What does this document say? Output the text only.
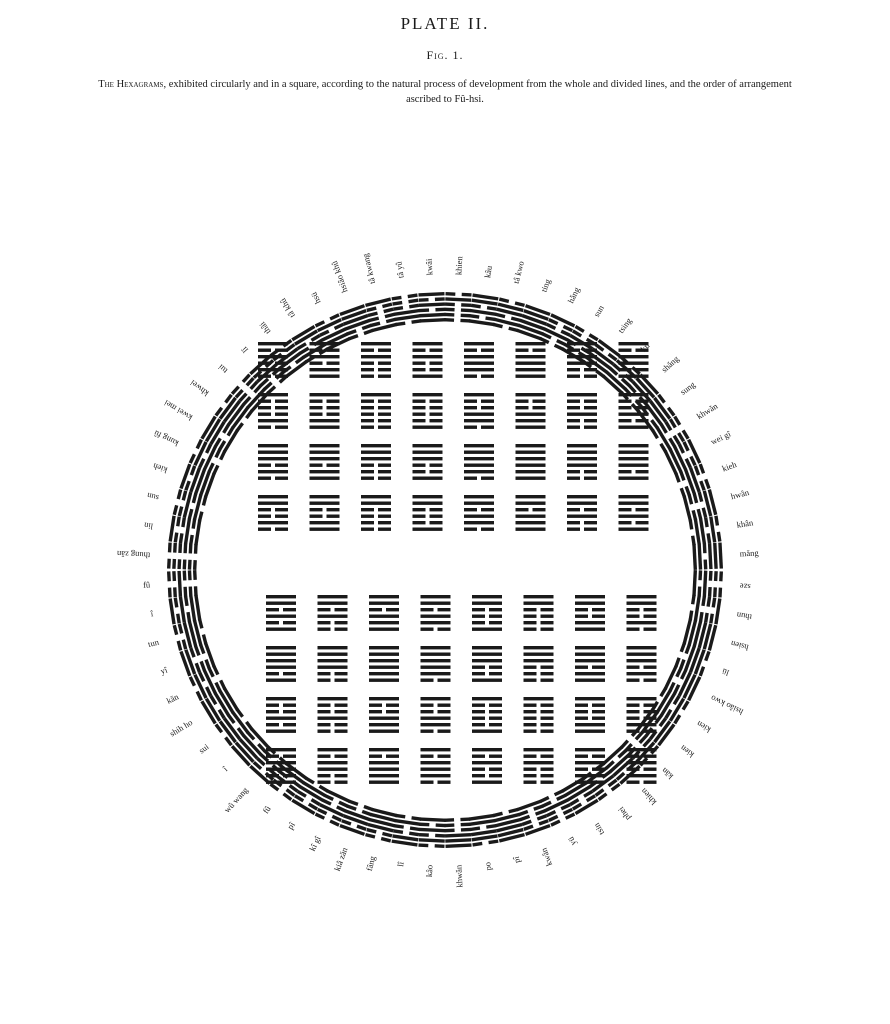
PLATE II.
Fig. 1.
The Hexagrams, exhibited circularly and in a square, according to the natural process of development from the whole and divided lines, and the order of arrangement ascribed to Fû-hsi.
thung zăn
lin
sun
kieh
kung fû
kwei mei
khwei
tui
lî
thâi
tâ khû hsü
hsiâo khû tâ kwang tâ yû kwâi khien kâu tâ kwo
ting
hăng
sun
tsing
kû
shăng
sung
khwăn
wei gî
kieh
hwân
khân
măng
sze
thun
hsien
lü
hsiâo kwo
kien
kien
kăn
khien
phei
tsin
yü
kwân
pî
po
khwăn
kâo
lî
fâng
kiâ zăn
kî gî
pî
fû
wû wang
î
sui
shih ho
kăn
yî
tun
î
fû
